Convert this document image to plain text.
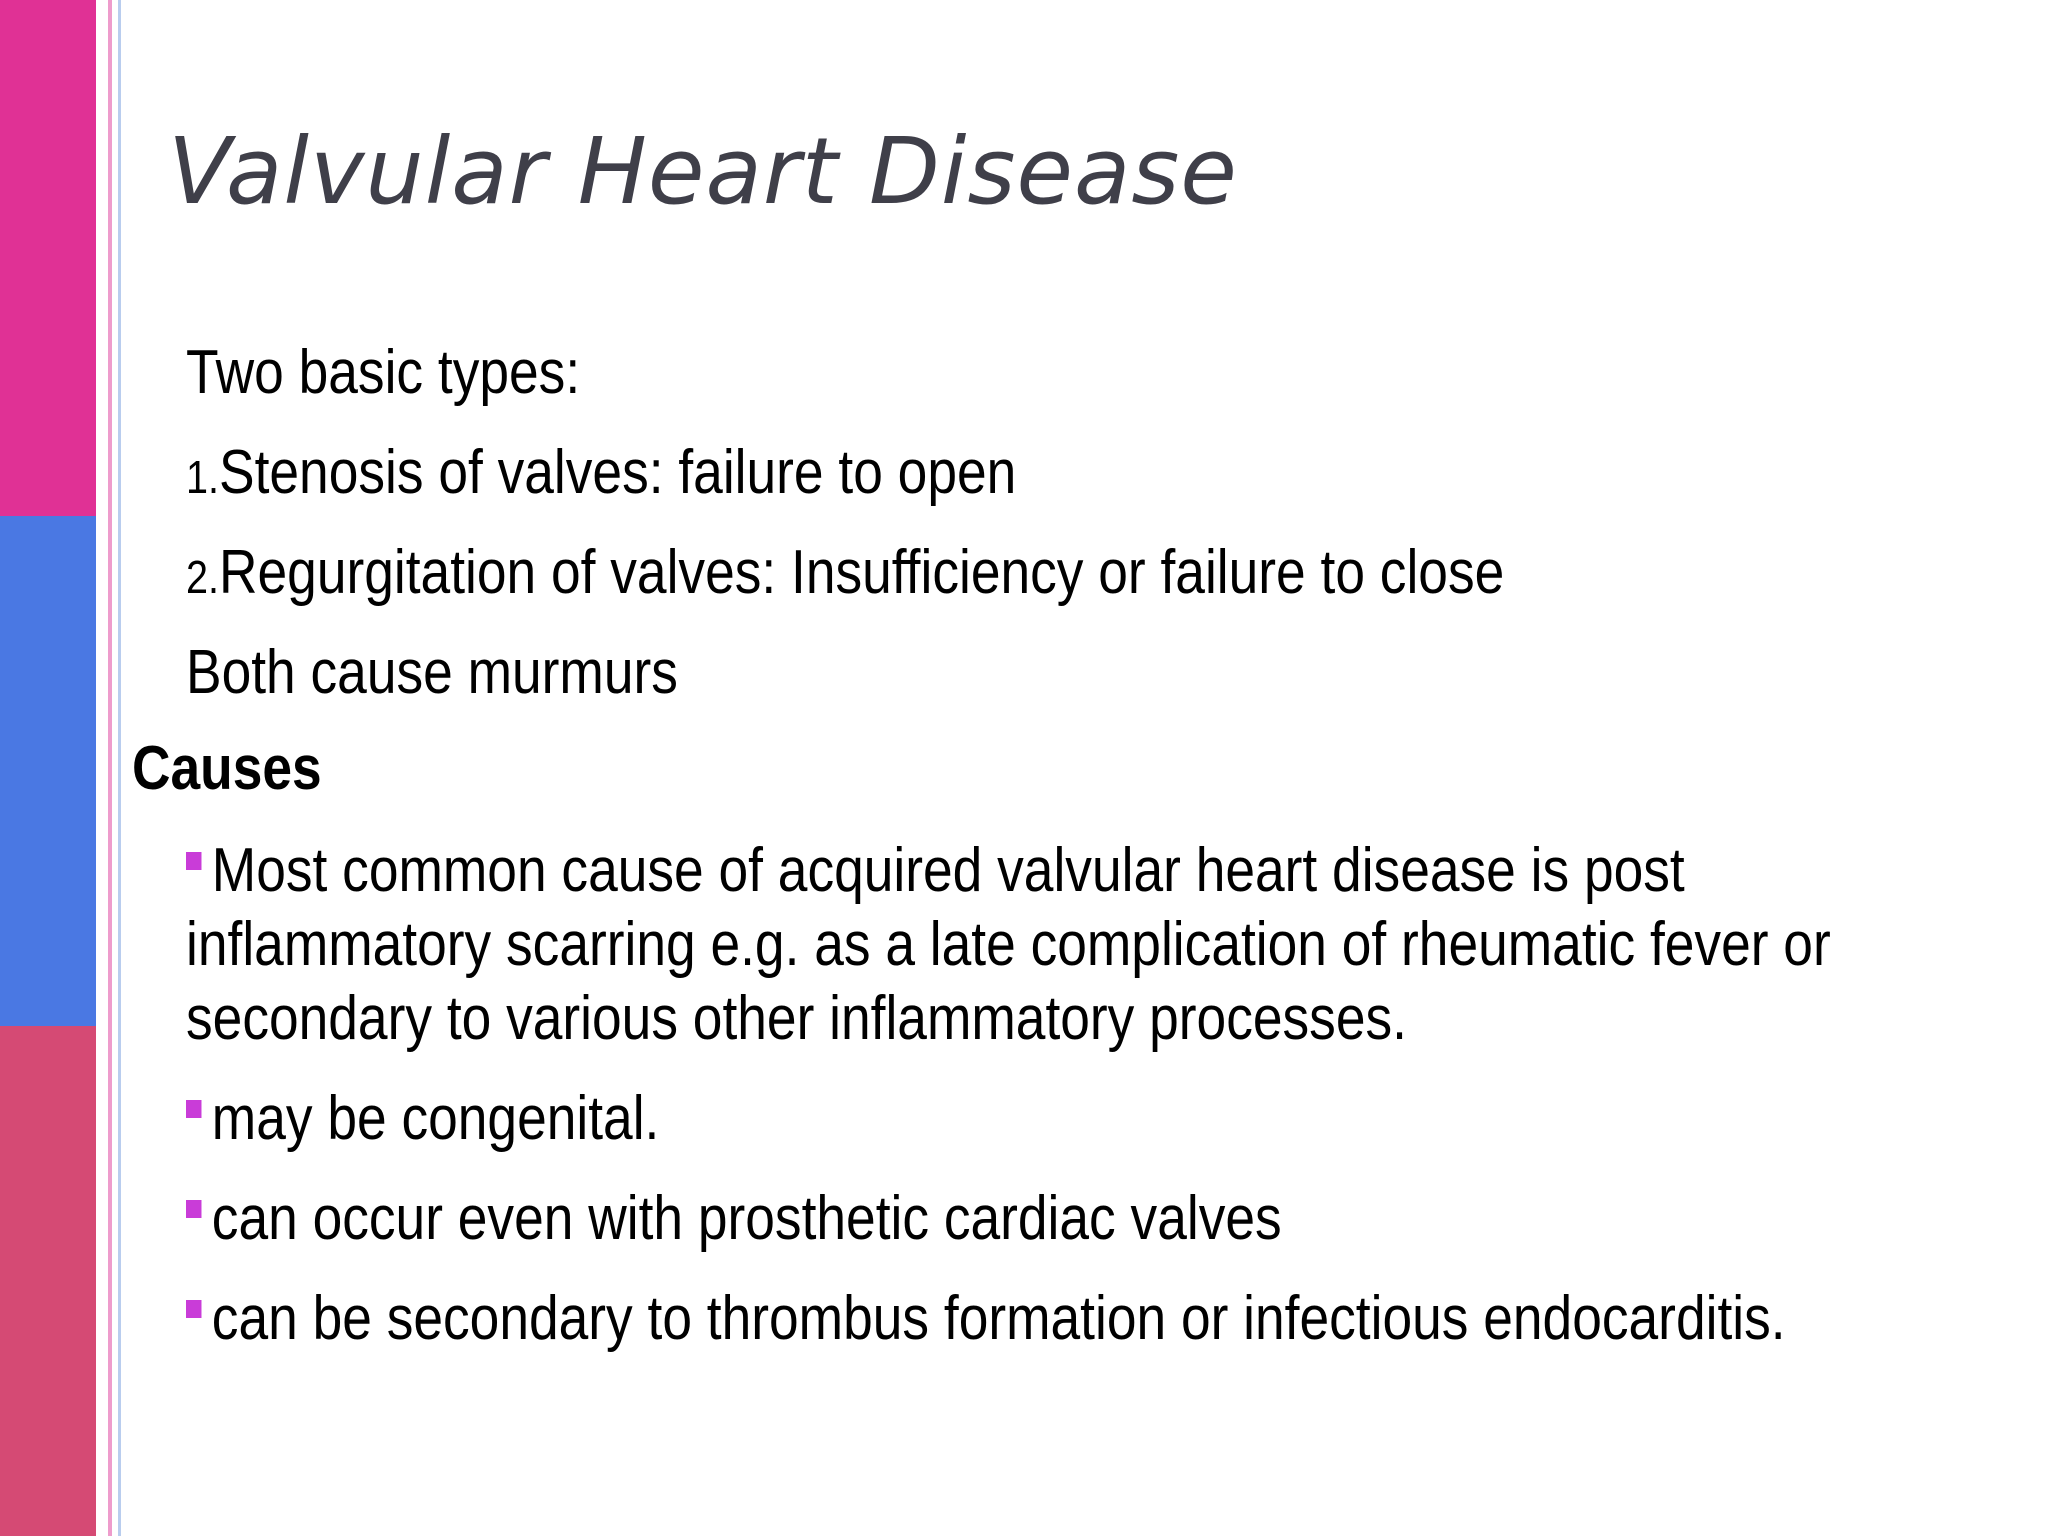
Valvular Heart Disease
Two basic types:
1.Stenosis of valves: failure to open
2.Regurgitation of valves: Insufficiency or failure to close
Both cause murmurs
Causes
Most common cause of acquired valvular heart disease is post
inflammatory scarring e.g. as a late complication of rheumatic fever or
secondary to various other inflammatory processes.
may be congenital.
can occur even with prosthetic cardiac valves
can be secondary to thrombus formation or infectious endocarditis.
